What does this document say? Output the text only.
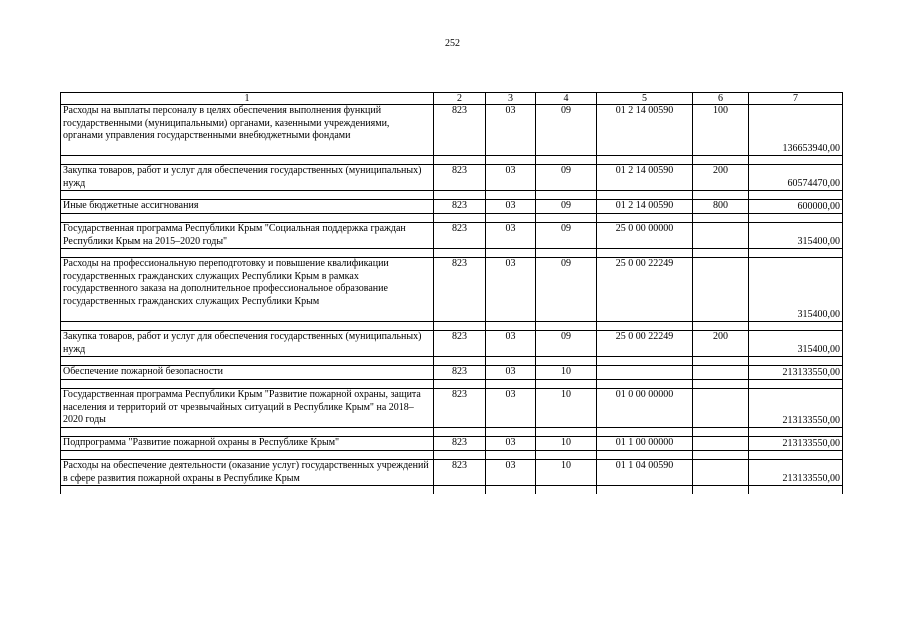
252
1	2	3	4	5	6	7
Расходы на выплаты персоналу в целях обеспечения выполнения функций государственными (муниципальными) органами, казенными учреждениями, органами управления государственными внебюджетными фондами	823	03	09	01 2 14 00590	100	136653940,00

Закупка товаров, работ и услуг для обеспечения государственных (муниципальных) нужд	823	03	09	01 2 14 00590	200	60574470,00

Иные бюджетные ассигнования	823	03	09	01 2 14 00590	800	600000,00

Государственная программа Республики Крым "Социальная поддержка граждан Республики Крым на 2015–2020 годы"	823	03	09	25 0 00 00000		315400,00

Расходы на профессиональную переподготовку и повышение квалификации государственных гражданских служащих Республики Крым в рамках государственного заказа на дополнительное профессиональное образование государственных гражданских служащих Республики Крым	823	03	09	25 0 00 22249		315400,00

Закупка товаров, работ и услуг для обеспечения государственных (муниципальных) нужд	823	03	09	25 0 00 22249	200	315400,00

Обеспечение пожарной безопасности	823	03	10			213133550,00

Государственная программа Республики Крым "Развитие пожарной охраны, защита населения и территорий от чрезвычайных ситуаций в Республике Крым" на 2018–2020 годы	823	03	10	01 0 00 00000		213133550,00

Подпрограмма "Развитие пожарной охраны в Республике Крым"	823	03	10	01 1 00 00000		213133550,00

Расходы на обеспечение деятельности (оказание услуг) государственных учреждений в сфере развития пожарной охраны в Республике Крым	823	03	10	01 1 04 00590		213133550,00
